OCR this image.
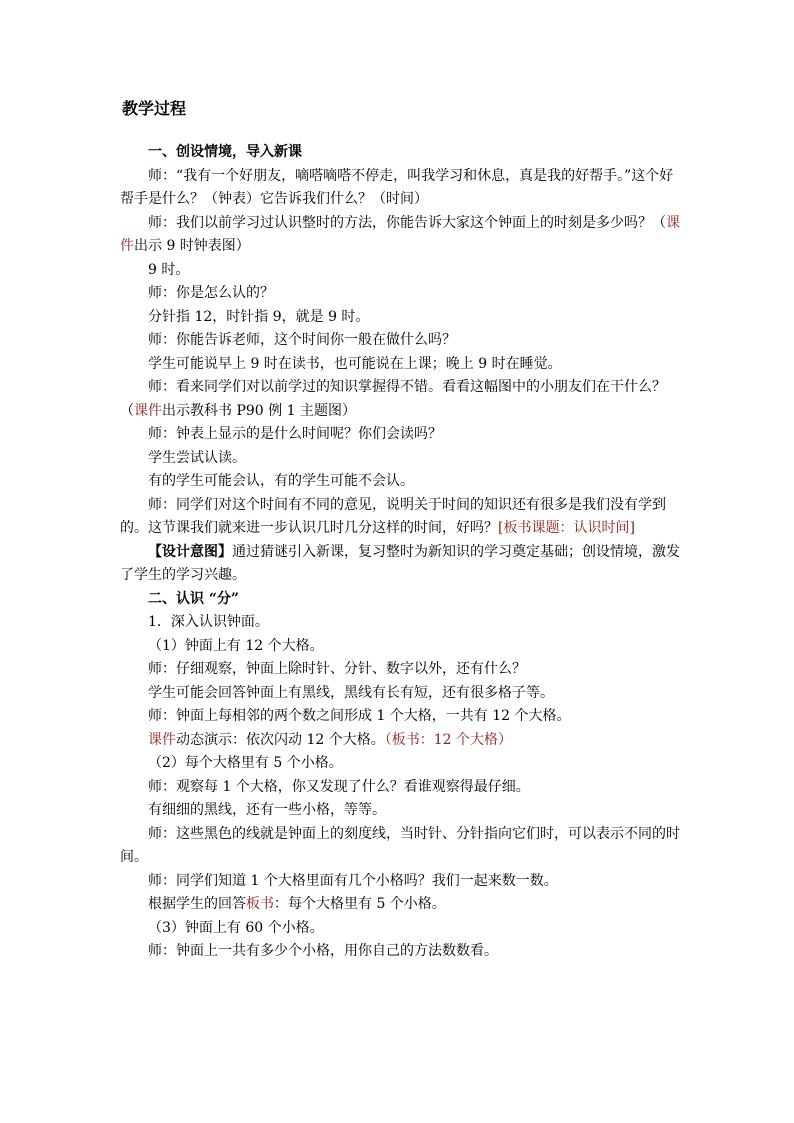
教学过程

一、创设情境，导入新课

师：“我有一个好朋友，嘀嗒嘀嗒不停走，叫我学习和休息，真是我的好帮手。”这个好帮手是什么？（钟表）它告诉我们什么？（时间）

师：我们以前学习过认识整时的方法，你能告诉大家这个钟面上的时刻是多少吗？（课件出示 9 时钟表图）

9 时。

师：你是怎么认的？

分针指 12，时针指 9，就是 9 时。

师：你能告诉老师，这个时间你一般在做什么吗？

学生可能说早上 9 时在读书，也可能说在上课；晚上 9 时在睡觉。

师：看来同学们对以前学过的知识掌握得不错。看看这幅图中的小朋友们在干什么？（课件出示教科书 P90 例 1 主题图）

师：钟表上显示的是什么时间呢？你们会读吗？

学生尝试认读。

有的学生可能会认，有的学生可能不会认。

师：同学们对这个时间有不同的意见，说明关于时间的知识还有很多是我们没有学到的。这节课我们就来进一步认识几时几分这样的时间，好吗？[板书课题：认识时间]

【设计意图】通过猜谜引入新课，复习整时为新知识的学习奠定基础；创设情境，激发了学生的学习兴趣。

二、认识 “分”

1．深入认识钟面。

（1）钟面上有 12 个大格。

师：仔细观察，钟面上除时针、分针、数字以外，还有什么？

学生可能会回答钟面上有黑线，黑线有长有短，还有很多格子等。

师：钟面上每相邻的两个数之间形成 1 个大格，一共有 12 个大格。

课件动态演示：依次闪动 12 个大格。（板书：12 个大格）

（2）每个大格里有 5 个小格。

师：观察每 1 个大格，你又发现了什么？看谁观察得最仔细。

有细细的黑线，还有一些小格，等等。

师：这些黑色的线就是钟面上的刻度线，当时针、分针指向它们时，可以表示不同的时间。

师：同学们知道 1 个大格里面有几个小格吗？我们一起来数一数。

根据学生的回答板书：每个大格里有 5 个小格。

（3）钟面上有 60 个小格。

师：钟面上一共有多少个小格，用你自己的方法数数看。
